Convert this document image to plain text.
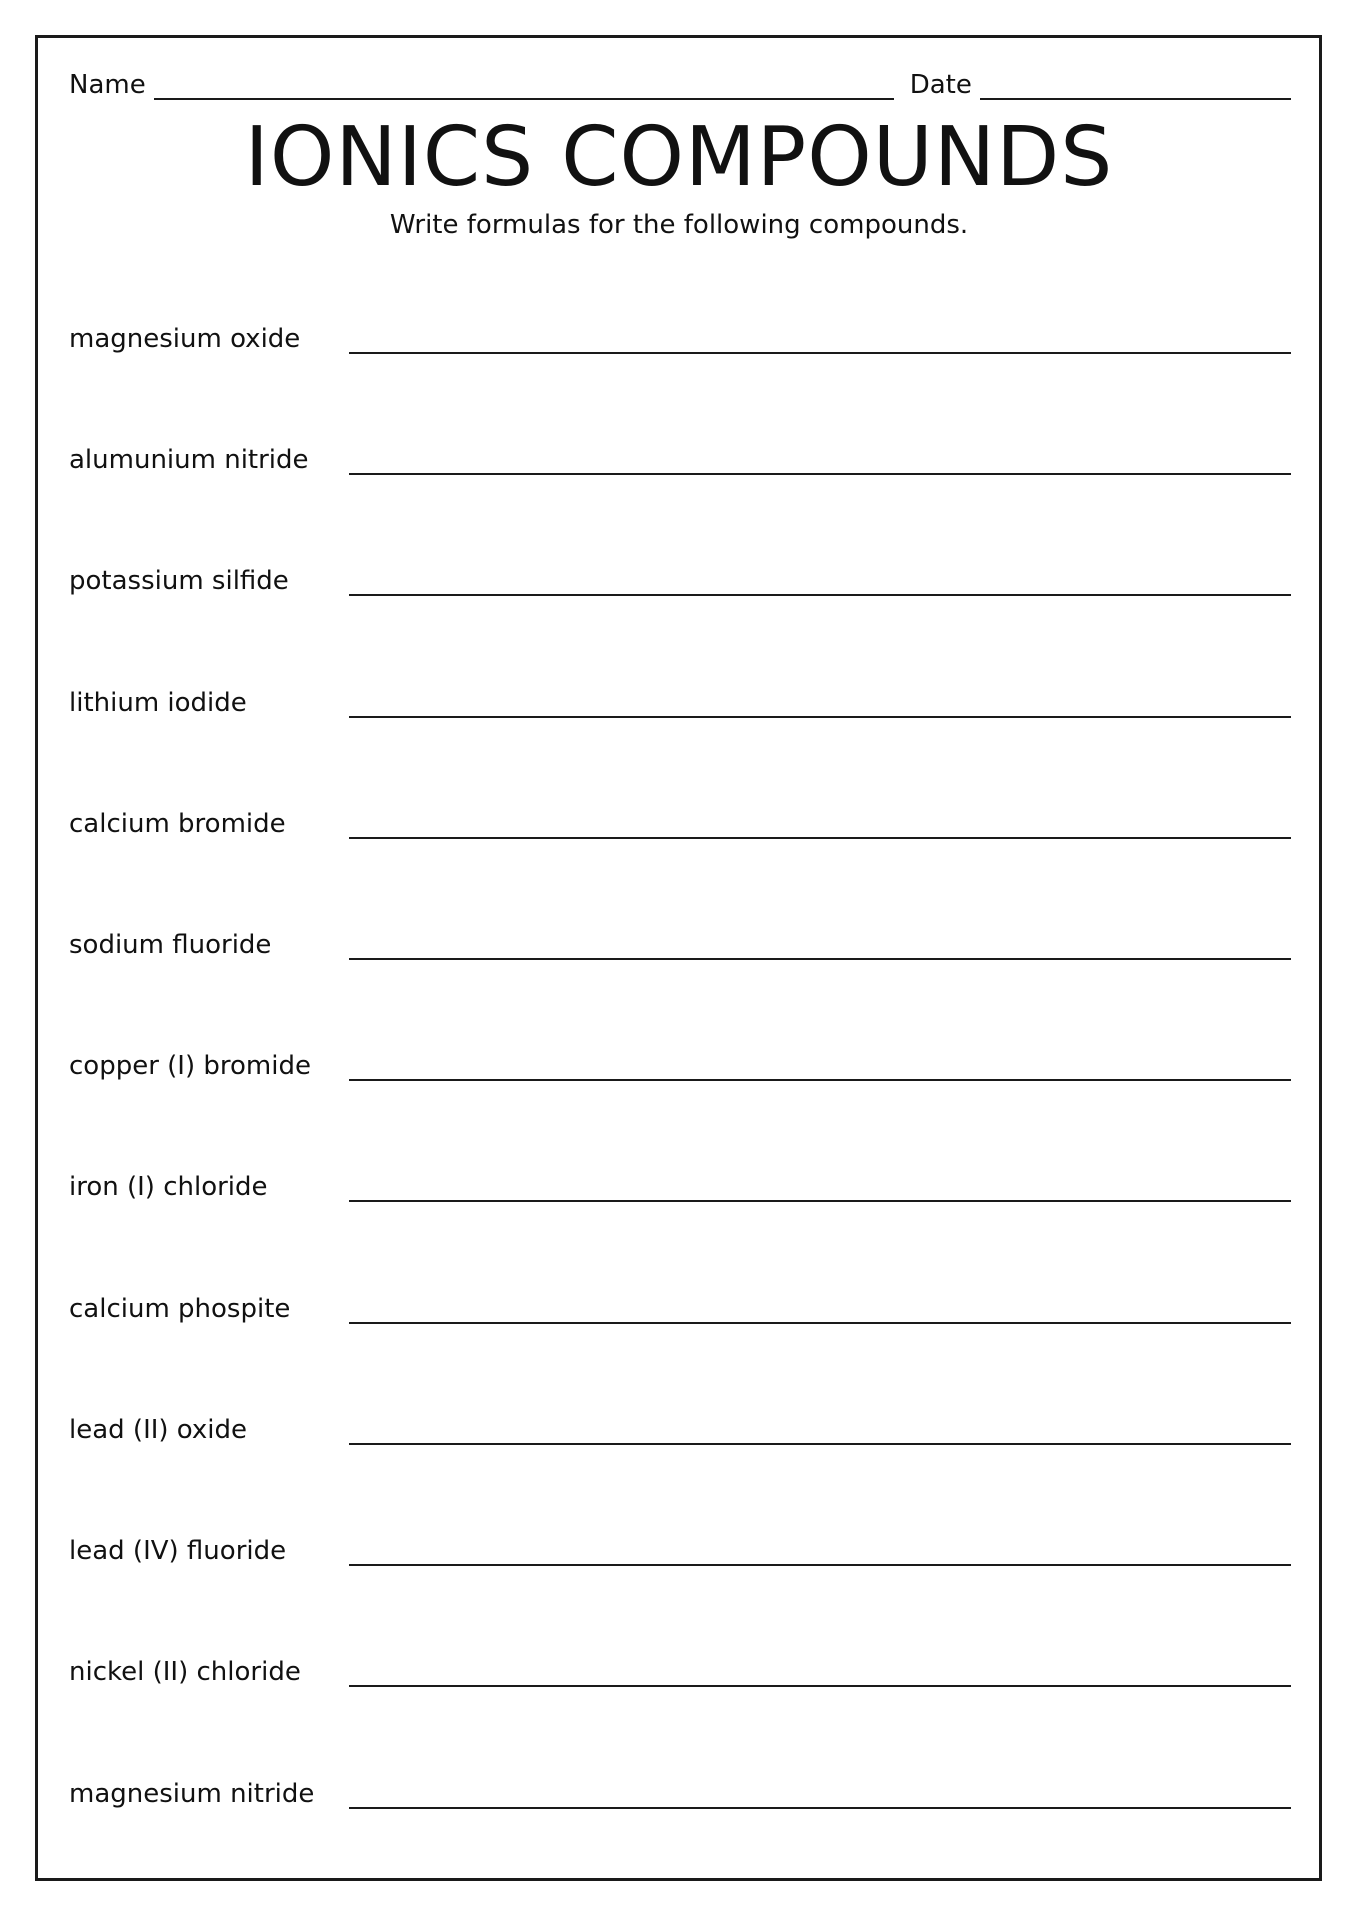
Name	Date
IONICS COMPOUNDS
Write formulas for the following compounds.
magnesium oxide
alumunium nitride
potassium silfide
lithium iodide
calcium bromide
sodium fluoride
copper (I) bromide
iron (I) chloride
calcium phospite
lead (II) oxide
lead (IV) fluoride
nickel (II) chloride
magnesium nitride
